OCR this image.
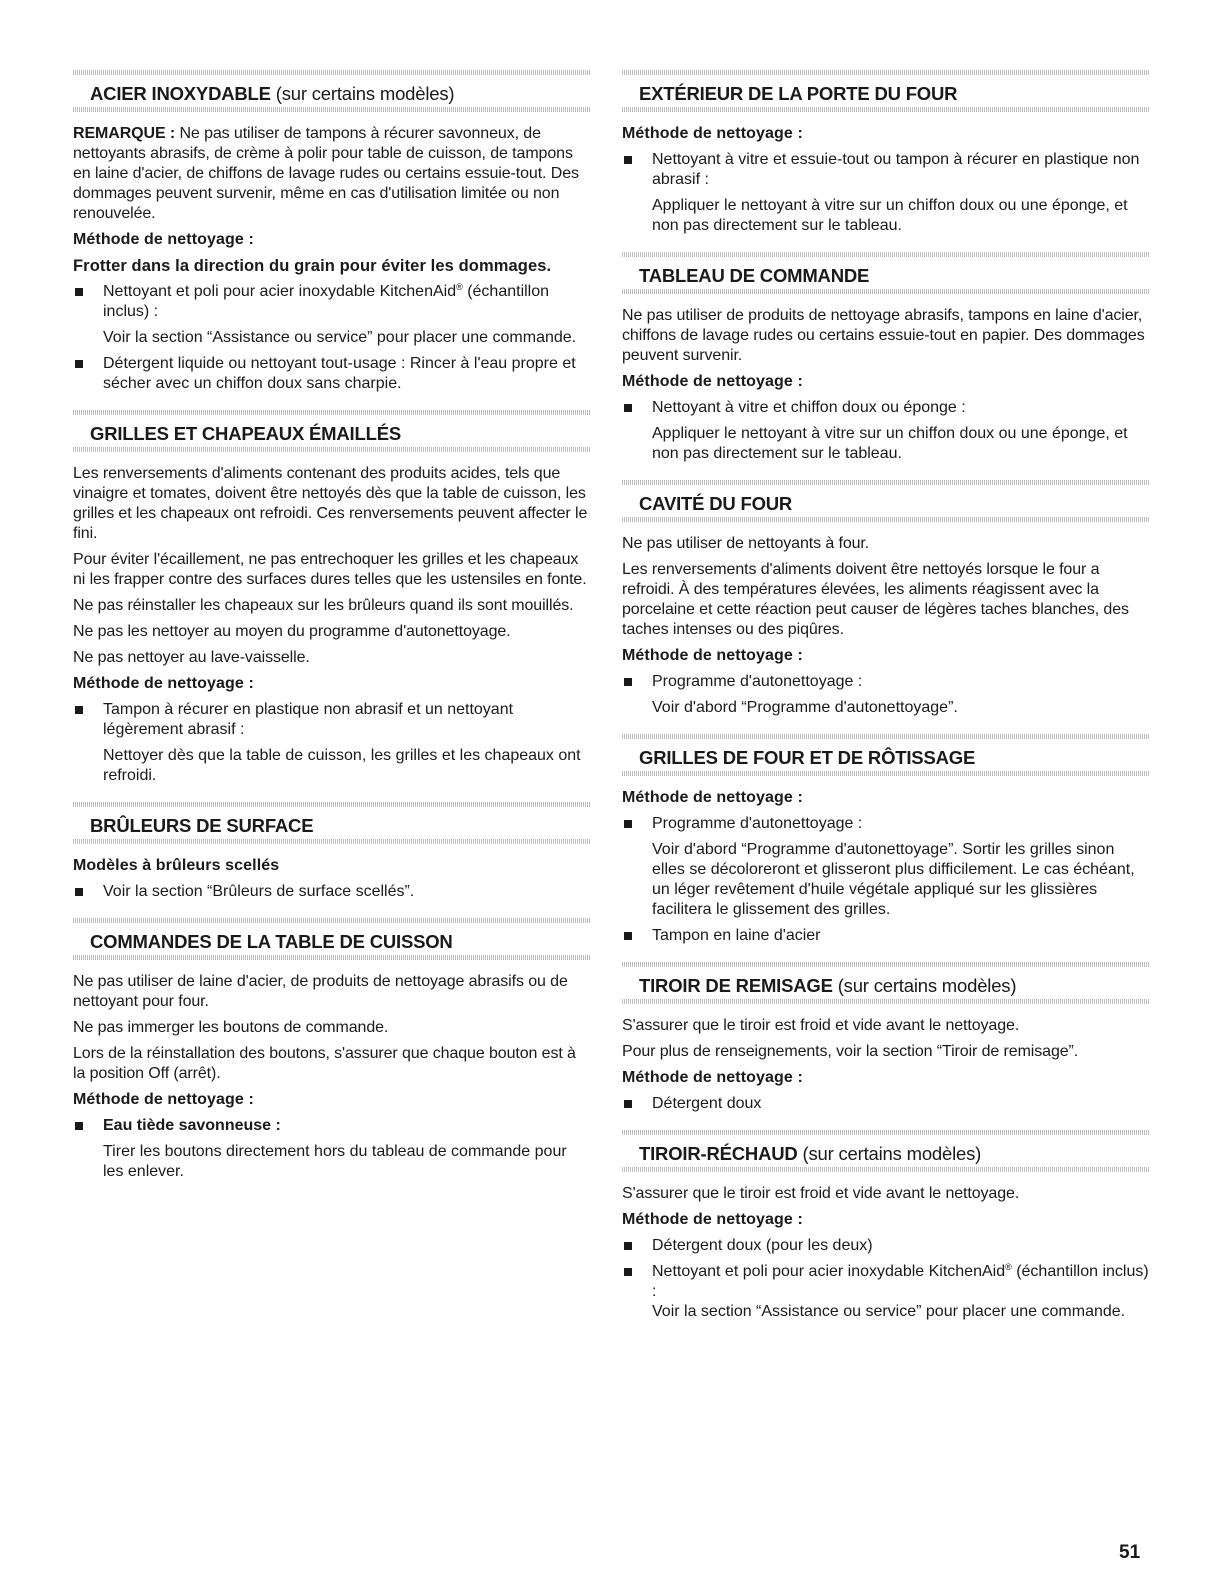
ACIER INOXYDABLE (sur certains modèles)

REMARQUE : Ne pas utiliser de tampons à récurer savonneux, de nettoyants abrasifs, de crème à polir pour table de cuisson, de tampons en laine d'acier, de chiffons de lavage rudes ou certains essuie-tout. Des dommages peuvent survenir, même en cas d'utilisation limitée ou non renouvelée.

Méthode de nettoyage :

Frotter dans la direction du grain pour éviter les dommages.

Nettoyant et poli pour acier inoxydable KitchenAid® (échantillon inclus) :

Voir la section “Assistance ou service” pour placer une commande.

Détergent liquide ou nettoyant tout-usage : Rincer à l'eau propre et sécher avec un chiffon doux sans charpie.
GRILLES ET CHAPEAUX ÉMAILLÉS

Les renversements d'aliments contenant des produits acides, tels que vinaigre et tomates, doivent être nettoyés dès que la table de cuisson, les grilles et les chapeaux ont refroidi. Ces renversements peuvent affecter le fini.

Pour éviter l'écaillement, ne pas entrechoquer les grilles et les chapeaux ni les frapper contre des surfaces dures telles que les ustensiles en fonte.

Ne pas réinstaller les chapeaux sur les brûleurs quand ils sont mouillés.

Ne pas les nettoyer au moyen du programme d'autonettoyage.

Ne pas nettoyer au lave-vaisselle.

Méthode de nettoyage :

Tampon à récurer en plastique non abrasif et un nettoyant légèrement abrasif :

Nettoyer dès que la table de cuisson, les grilles et les chapeaux ont refroidi.

BRÛLEURS DE SURFACE

Modèles à brûleurs scellés

Voir la section “Brûleurs de surface scellés”.
COMMANDES DE LA TABLE DE CUISSON

Ne pas utiliser de laine d'acier, de produits de nettoyage abrasifs ou de nettoyant pour four.

Ne pas immerger les boutons de commande.

Lors de la réinstallation des boutons, s'assurer que chaque bouton est à la position Off (arrêt).

Méthode de nettoyage :

Eau tiède savonneuse :

Tirer les boutons directement hors du tableau de commande pour les enlever.

EXTÉRIEUR DE LA PORTE DU FOUR

Méthode de nettoyage :

Nettoyant à vitre et essuie-tout ou tampon à récurer en plastique non abrasif :

Appliquer le nettoyant à vitre sur un chiffon doux ou une éponge, et non pas directement sur le tableau.

TABLEAU DE COMMANDE

Ne pas utiliser de produits de nettoyage abrasifs, tampons en laine d'acier, chiffons de lavage rudes ou certains essuie-tout en papier. Des dommages peuvent survenir.

Méthode de nettoyage :

Nettoyant à vitre et chiffon doux ou éponge :

Appliquer le nettoyant à vitre sur un chiffon doux ou une éponge, et non pas directement sur le tableau.

CAVITÉ DU FOUR

Ne pas utiliser de nettoyants à four.

Les renversements d'aliments doivent être nettoyés lorsque le four a refroidi. À des températures élevées, les aliments réagissent avec la porcelaine et cette réaction peut causer de légères taches blanches, des taches intenses ou des piqûres.

Méthode de nettoyage :

Programme d'autonettoyage :

Voir d'abord “Programme d'autonettoyage”.

GRILLES DE FOUR ET DE RÔTISSAGE

Méthode de nettoyage :

Programme d'autonettoyage :

Voir d'abord “Programme d'autonettoyage”. Sortir les grilles sinon elles se décoloreront et glisseront plus difficilement. Le cas échéant, un léger revêtement d'huile végétale appliqué sur les glissières facilitera le glissement des grilles.

Tampon en laine d'acier
TIROIR DE REMISAGE (sur certains modèles)

S'assurer que le tiroir est froid et vide avant le nettoyage.

Pour plus de renseignements, voir la section “Tiroir de remisage”.

Méthode de nettoyage :

Détergent doux
TIROIR-RÉCHAUD (sur certains modèles)

S'assurer que le tiroir est froid et vide avant le nettoyage.

Méthode de nettoyage :

Détergent doux (pour les deux)
Nettoyant et poli pour acier inoxydable KitchenAid® (échantillon inclus) :
Voir la section “Assistance ou service” pour placer une commande.
51
